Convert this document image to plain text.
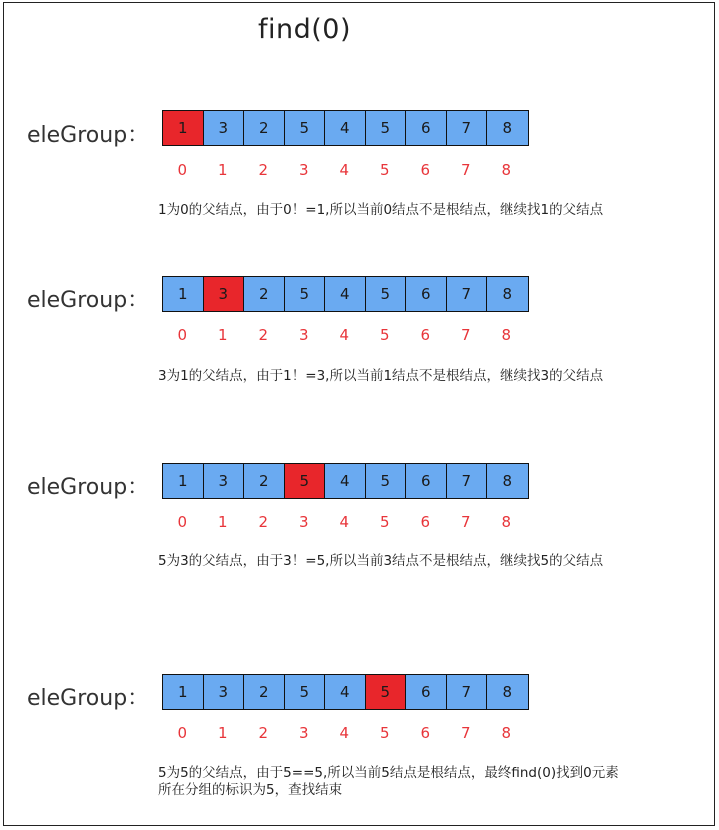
find(0)
eleGroup：	1	3	2	5	4	5	6	7	8
0	1	2	3	4	5	6	7	8
1为0的父结点，由于0！=1,所以当前0结点不是根结点，继续找1的父结点
eleGroup：	1	3	2	5	4	5	6	7	8
0	1	2	3	4	5	6	7	8
3为1的父结点，由于1！=3,所以当前1结点不是根结点，继续找3的父结点
eleGroup：	1	3	2	5	4	5	6	7	8
0	1	2	3	4	5	6	7	8
5为3的父结点，由于3！=5,所以当前3结点不是根结点，继续找5的父结点
eleGroup：	1	3	2	5	4	5	6	7	8
0	1	2	3	4	5	6	7	8
5为5的父结点，由于5==5,所以当前5结点是根结点，最终find(0)找到0元素
所在分组的标识为5，查找结束
